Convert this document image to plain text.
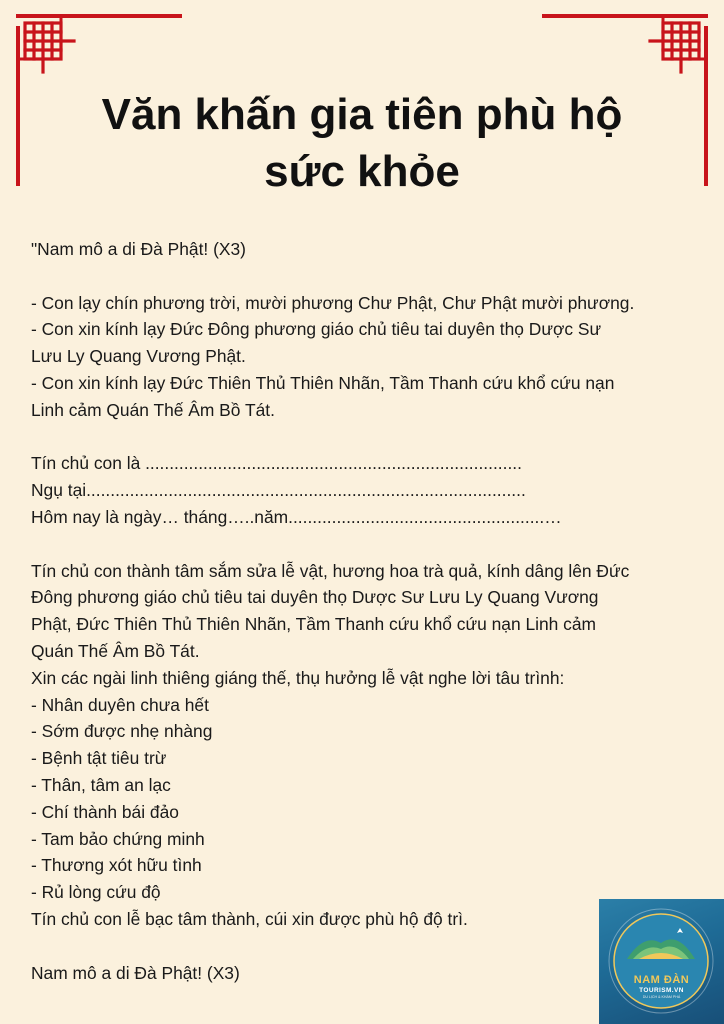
Văn khấn gia tiên phù hộ
sức khỏe
"Nam mô a di Đà Phật! (X3)
- Con lạy chín phương trời, mười phương Chư Phật, Chư Phật mười phương.
- Con xin kính lạy Đức Đông phương giáo chủ tiêu tai duyên thọ Dược Sư
Lưu Ly Quang Vương Phật.
- Con xin kính lạy Đức Thiên Thủ Thiên Nhãn, Tầm Thanh cứu khổ cứu nạn
Linh cảm Quán Thế Âm Bồ Tát.
Tín chủ con là ..............................................................................
Ngụ tại...........................................................................................
Hôm nay là ngày… tháng…..năm.....................................................…
Tín chủ con thành tâm sắm sửa lễ vật, hương hoa trà quả, kính dâng lên Đức
Đông phương giáo chủ tiêu tai duyên thọ Dược Sư Lưu Ly Quang Vương
Phật, Đức Thiên Thủ Thiên Nhãn, Tầm Thanh cứu khổ cứu nạn Linh cảm
Quán Thế Âm Bồ Tát.
Xin các ngài linh thiêng giáng thế, thụ hưởng lễ vật nghe lời tâu trình:
- Nhân duyên chưa hết
- Sớm được nhẹ nhàng
- Bệnh tật tiêu trừ
- Thân, tâm an lạc
- Chí thành bái đảo
- Tam bảo chứng minh
- Thương xót hữu tình
- Rủ lòng cứu độ
Tín chủ con lễ bạc tâm thành, cúi xin được phù hộ độ trì.
Nam mô a di Đà Phật! (X3)	NAM ĐÀN
TOURISM.VN
DU LỊCH & KHÁM PHÁ
